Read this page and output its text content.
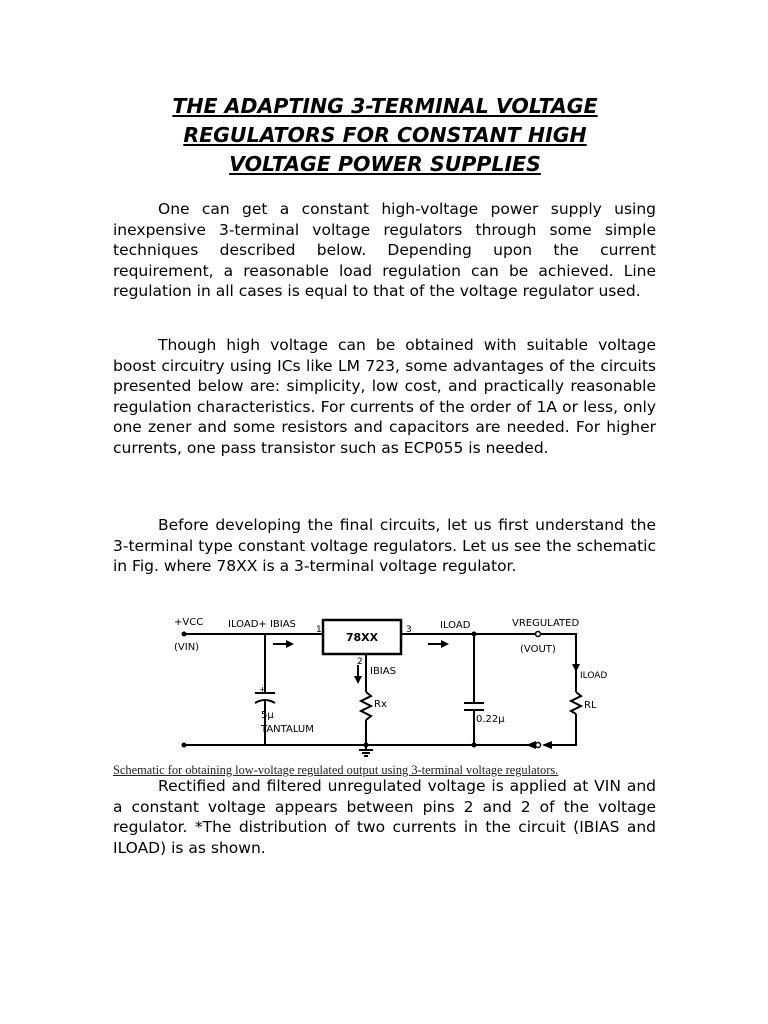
THE ADAPTING 3-TERMINAL VOLTAGE
REGULATORS FOR CONSTANT HIGH
VOLTAGE POWER SUPPLIES

One can get a constant high-voltage power supply using inexpensive 3-terminal voltage regulators through some simple techniques described below. Depending upon the current requirement, a reasonable load regulation can be achieved. Line regulation in all cases is equal to that of the voltage regulator used.

Though high voltage can be obtained with suitable voltage boost circuitry using ICs like LM 723, some advantages of the circuits presented below are: simplicity, low cost, and practically reasonable regulation characteristics. For currents of the order of 1A or less, only one zener and some resistors and capacitors are needed. For higher currents, one pass transistor such as ECP055 is needed.

Before developing the final circuits, let us first understand the 3-terminal type constant voltage regulators. Let us see the schematic in Fig. where 78XX is a 3-terminal voltage regulator.

+VCC
(VIN)
ILOAD+ IBIAS 1	3
2
78XX
IBIAS
ILOAD	VREGULATED
(VOUT)
ILOAD
RL
Rx
+
5µ
TANTALUM
0.22µ
Schematic for obtaining low-voltage regulated output using 3-terminal voltage regulators.

Rectified and filtered unregulated voltage is applied at VIN and a constant voltage appears between pins 2 and 2 of the voltage regulator. *The distribution of two currents in the circuit (IBIAS and ILOAD) is as shown.
